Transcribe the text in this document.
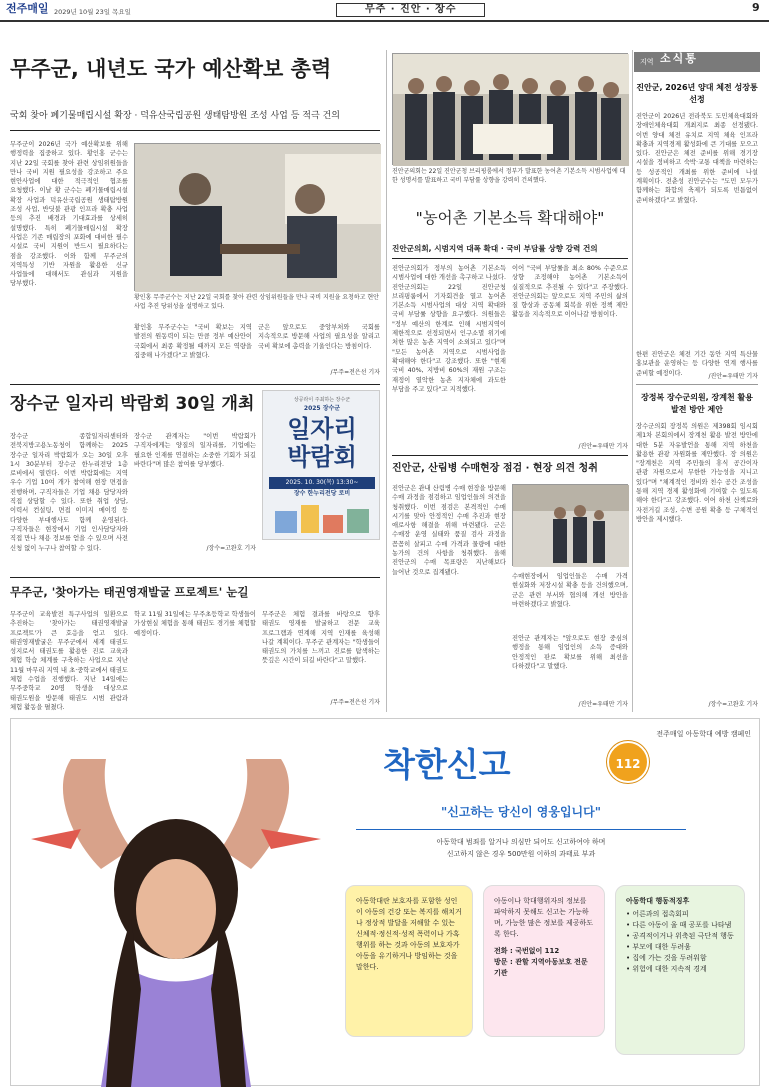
전주매일 2029년 10월 23일 목요일	무주 · 진안 · 장수	9
무주군, 내년도 국가 예산확보 총력
국회 찾아 폐기물매립시설 확장 · 덕유산국립공원 생태탐방원 조성 사업 등 적극 건의
무주군이 2026년 국가 예산확보를 위해 행정력을 집중하고 있다. 황인홍 군수는 지난 22일 국회를 찾아 관련 상임위원들을 만나 국비 지원 필요성을 강조하고 주요 현안사업에 대한 적극적인 협조를 요청했다. 이날 황 군수는 폐기물매립시설 확장 사업과 덕유산국립공원 생태탐방원 조성 사업, 반딧불 관광 인프라 확충 사업 등의 추진 배경과 기대효과를 상세히 설명했다. 특히 폐기물매립시설 확장 사업은 기존 매립장의 포화에 대비한 필수 시설로 국비 지원이 반드시 필요하다는 점을 강조했다. 이와 함께 무주군의 지역특성 기반 자원을 활용한 신규 사업들에 대해서도 관심과 지원을 당부했다.
황인홍 무주군수는 지난 22일 국회를 찾아 관련 상임위원들을 만나 국비 지원을 요청하고 현안사업 추진 당위성을 설명하고 있다.
황인홍 무주군수는 "국비 확보는 지역 발전의 원동력이 되는 만큼 정부 예산안이 국회에서 최종 확정될 때까지 모든 역량을 집중해 나가겠다"고 밝혔다.
군은 앞으로도 중앙부처와 국회를 지속적으로 방문해 사업의 필요성을 알리고 국비 확보에 총력을 기울인다는 방침이다.
/무주=전은선 기자
장수군 일자리 박람회 30일 개최
장수군 종합일자리센터와 전북지방고용노동청이 함께하는 2025 장수군 일자리 박람회가 오는 30일 오후 1시 30분부터 장수군 한누리전당 1층 로비에서 열린다. 이번 박람회에는 지역 우수 기업 10여 개가 참여해 현장 면접을 진행하며, 구직자들은 기업 채용 담당자와 직접 상담할 수 있다. 또한 취업 상담, 이력서 컨설팅, 면접 이미지 메이킹 등 다양한 부대행사도 함께 운영된다. 구직자들은 현장에서 기업 인사담당자와 직접 만나 채용 정보를 얻을 수 있으며 사전 신청 없이 누구나 참여할 수 있다.
장수군 관계자는 "이번 박람회가 구직자에게는 양질의 일자리를, 기업에는 필요한 인재를 연결하는 소중한 기회가 되길 바란다"며 많은 참여를 당부했다.
/장수=고완호 기자
상공라이 주최하는 장수군
2025 장수군
일자리
박람회
2025. 10. 30(목) 13:30~
장수 한누리전당 로비
무주군, '찾아가는 태권영재발굴 프로젝트' 눈길
무주군이 교육발전 특구사업의 일환으로 추진하는 '찾아가는 태권영재발굴 프로젝트'가 큰 호응을 얻고 있다. 태권영재발굴은 무주군에서 세계 태권도 성지로서 태권도를 활용한 진로 교육과 체험 학습 체계를 구축하는 사업으로 지난 11월 마무리 지역 내 초·중학교에서 태권도 체험 수업을 진행했다. 지난 14일에는 무주중학교 20명 학생을 대상으로 태권도원을 방문해 태권도 시범 관람과 체험 활동을 펼쳤다.
학교 11월 31일에는 무주초등학교 학생들이 가상현실 체험을 통해 태권도 경기를 체험할 예정이다.
무주군은 체험 결과를 바탕으로 향후 태권도 영재를 발굴하고 전문 교육 프로그램과 연계해 지역 인재를 육성해 나갈 계획이다. 무주군 관계자는 "학생들이 태권도의 가치를 느끼고 진로를 탐색하는 뜻깊은 시간이 되길 바란다"고 말했다.
/무주=전은선 기자
진안군의회는 22일 진안군청 브리핑룸에서 정부가 발표한 농어촌 기본소득 시범사업에 대한 성명서를 발표하고 국비 부담률 상향을 강력히 건의했다.
"농어촌 기본소득 확대해야"
진안군의회, 시범지역 대폭 확대 · 국비 부담률 상향 강력 건의
진안군의회가 정부의 농어촌 기본소득 시범사업에 대한 개선을 촉구하고 나섰다. 진안군의회는 22일 진안군청 브리핑룸에서 기자회견을 열고 농어촌 기본소득 시범사업의 대상 지역 확대와 국비 부담률 상향을 요구했다. 의원들은 "정부 예산의 한계로 인해 시범지역이 제한적으로 선정되면서 인구소멸 위기에 처한 많은 농촌 지역이 소외되고 있다"며 "모든 농어촌 지역으로 시범사업을 확대해야 한다"고 강조했다. 또한 "현재 국비 40%, 지방비 60%의 재원 구조는 재정이 열악한 농촌 지자체에 과도한 부담을 주고 있다"고 지적했다.
이어 "국비 부담률을 최소 80% 수준으로 상향 조정해야 농어촌 기본소득이 실질적으로 추진될 수 있다"고 주장했다. 진안군의회는 앞으로도 지역 주민의 삶의 질 향상과 공동체 회복을 위한 정책 제안 활동을 지속적으로 이어나갈 방침이다.
/진안=우태만 기자
진안군, 산림병 수매현장 점검 · 현장 의견 청취
진안군은 관내 산림병 수매 현장을 방문해 수매 과정을 점검하고 임업인들의 의견을 청취했다. 이번 점검은 본격적인 수매 시기를 맞아 안정적인 수매 추진과 현장 애로사항 해결을 위해 마련됐다. 군은 수매장 운영 실태와 품질 검사 과정을 꼼꼼히 살피고 수매 가격과 물량에 대한 농가의 건의 사항을 청취했다. 올해 진안군의 수매 목표량은 지난해보다 늘어난 것으로 집계됐다.
수매현장에서 임업인들은 수매 가격 현실화와 저장시설 확충 등을 건의했으며, 군은 관련 부서와 협의해 개선 방안을 마련하겠다고 밝혔다.
진안군 관계자는 "앞으로도 현장 중심의 행정을 통해 임업인의 소득 증대와 안정적인 판로 확보를 위해 최선을 다하겠다"고 말했다.
/진안=우태만 기자
지역 소식통
진안군, 2026년 양대 체전 성장통 선정
진안군이 2026년 전라북도 도민체육대회와 장애인체육대회 개최지로 최종 선정됐다. 이번 양대 체전 유치로 지역 체육 인프라 확충과 지역경제 활성화에 큰 기대를 모으고 있다. 진안군은 체전 준비를 위해 경기장 시설을 정비하고 숙박·교통 대책을 마련하는 등 성공적인 개최를 위한 준비에 나설 계획이다. 전춘성 진안군수는 "도민 모두가 함께하는 화합의 축제가 되도록 빈틈없이 준비하겠다"고 밝혔다.
한편 진안군은 체전 기간 동안 지역 특산물 홍보관을 운영하는 등 다양한 연계 행사를 준비할 예정이다.	/진안=우태만 기자
장정복 장수군의원, 장계천 활용 발전 방안 제안
장수군의회 장정복 의원은 제398회 임시회 제1차 본회의에서 장계천 활용 발전 방안에 대한 5분 자유발언을 통해 지역 하천을 활용한 관광 자원화를 제안했다. 장 의원은 "장계천은 지역 주민들의 휴식 공간이자 관광 자원으로서 무한한 가능성을 지니고 있다"며 "체계적인 정비와 친수 공간 조성을 통해 지역 경제 활성화에 기여할 수 있도록 해야 한다"고 강조했다. 이어 하천 산책로와 자전거길 조성, 수변 공원 확충 등 구체적인 방안을 제시했다.
/장수=고완호 기자
전주매일 아동학대 예방 캠페인
착한신고	112
"신고하는 당신이 영웅입니다"
아동학대 범죄를 알거나 의심만 되어도 신고하여야 하며
신고하지 않은 경우 500만원 이하의 과태료 부과
아동학대란 보호자를 포함한 성인이 아동의 건강 또는 복지를 해치거나 정상적 발달을 저해할 수 있는 신체적·정신적·성적 폭력이나 가혹행위를 하는 것과 아동의 보호자가 아동을 유기하거나 방임하는 것을 말한다.
아동이나 학대행위자의 정보를 파악하지 못해도 신고는 가능하며, 가능한 많은 정보를 제공하도록 한다.
전화 : 국번없이 112
방문 : 관할 지역아동보호 전문기관
아동학대 행동적징후
• 어른과의 접촉회피
• 다른 아동이 울 때 공포를 나타냄
• 공격적이거나 위축된 극단적 행동
• 부모에 대한 두려움
• 집에 가는 것을 두려워함
• 위험에 대한 지속적 경계
